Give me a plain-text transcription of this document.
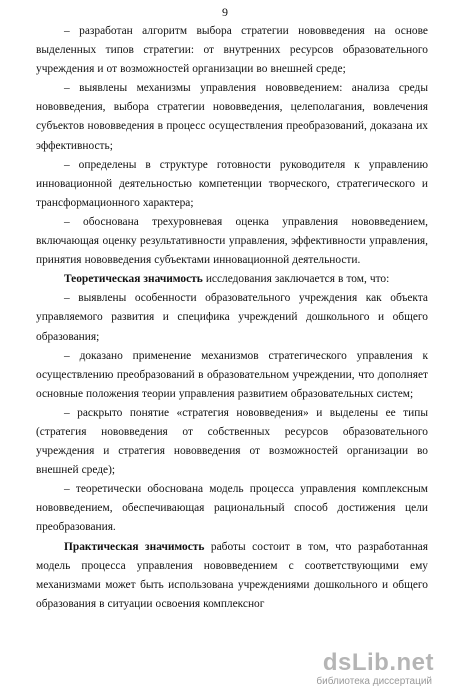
9

– разработан алгоритм выбора стратегии нововведения на основе выделенных типов стратегии: от внутренних ресурсов образовательного учреждения и от возможностей организации во внешней среде;

– выявлены механизмы управления нововведением: анализа среды нововведения, выбора стратегии нововведения, целеполагания, вовлечения субъектов нововведения в процесс осуществления преобразований, доказана их эффективность;

– определены в структуре готовности руководителя к управлению инновационной деятельностью компетенции творческого, стратегического и трансформационного характера;

– обоснована трехуровневая оценка управления нововведением, включающая оценку результативности управления, эффективности управления, принятия нововведения субъектами инновационной деятельности.

Теоретическая значимость исследования заключается в том, что:

– выявлены особенности образовательного учреждения как объекта управляемого развития и специфика учреждений дошкольного и общего образования;

– доказано применение механизмов стратегического управления к осуществлению преобразований в образовательном учреждении, что дополняет основные положения теории управления развитием образовательных систем;

– раскрыто понятие «стратегия нововведения» и выделены ее типы (стратегия нововведения от собственных ресурсов образовательного учреждения и стратегия нововведения от возможностей организации во внешней среде);

– теоретически обоснована модель процесса управления комплексным нововведением, обеспечивающая рациональный способ достижения цели преобразования.

Практическая значимость работы состоит в том, что разработанная модель процесса управления нововведением с соответствующими ему механизмами может быть использована учреждениями дошкольного и общего образования в ситуации освоения комплексног

dsLib.net
библиотека диссертаций
